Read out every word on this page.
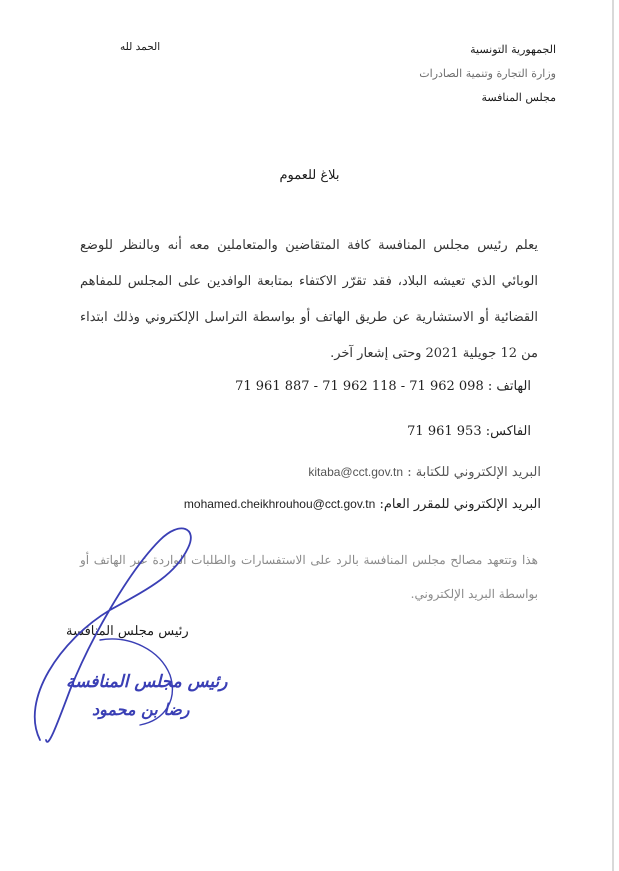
الجمهورية التونسية
وزارة التجارة وتنمية الصادرات
مجلس المنافسة
الحمد لله
بلاغ للعموم
يعلم رئيس مجلس المنافسة كافة المتقاضين والمتعاملين معه أنه وبالنظر للوضع الوبائي الذي تعيشه البلاد، فقد تقرّر الاكتفاء بمتابعة الوافدين على المجلس للمفاهم القضائية أو الاستشارية عن طريق الهاتف أو بواسطة التراسل الإلكتروني وذلك ابتداء من 12 جويلية 2021 وحتى إشعار آخر.
الهاتف : 71 961 887 - 71 962 118 - 71 962 098
الفاكس: 71 961 953
البريد الإلكتروني للكتابة : kitaba@cct.gov.tn
البريد الإلكتروني للمقرر العام: mohamed.cheikhrouhou@cct.gov.tn
هذا وتتعهد مصالح مجلس المنافسة بالرد على الاستفسارات والطلبات الواردة عبر الهاتف أو بواسطة البريد الإلكتروني.
رئيس مجلس المنافسة
رئيس مجلس المنافسة
رضا بن محمود
